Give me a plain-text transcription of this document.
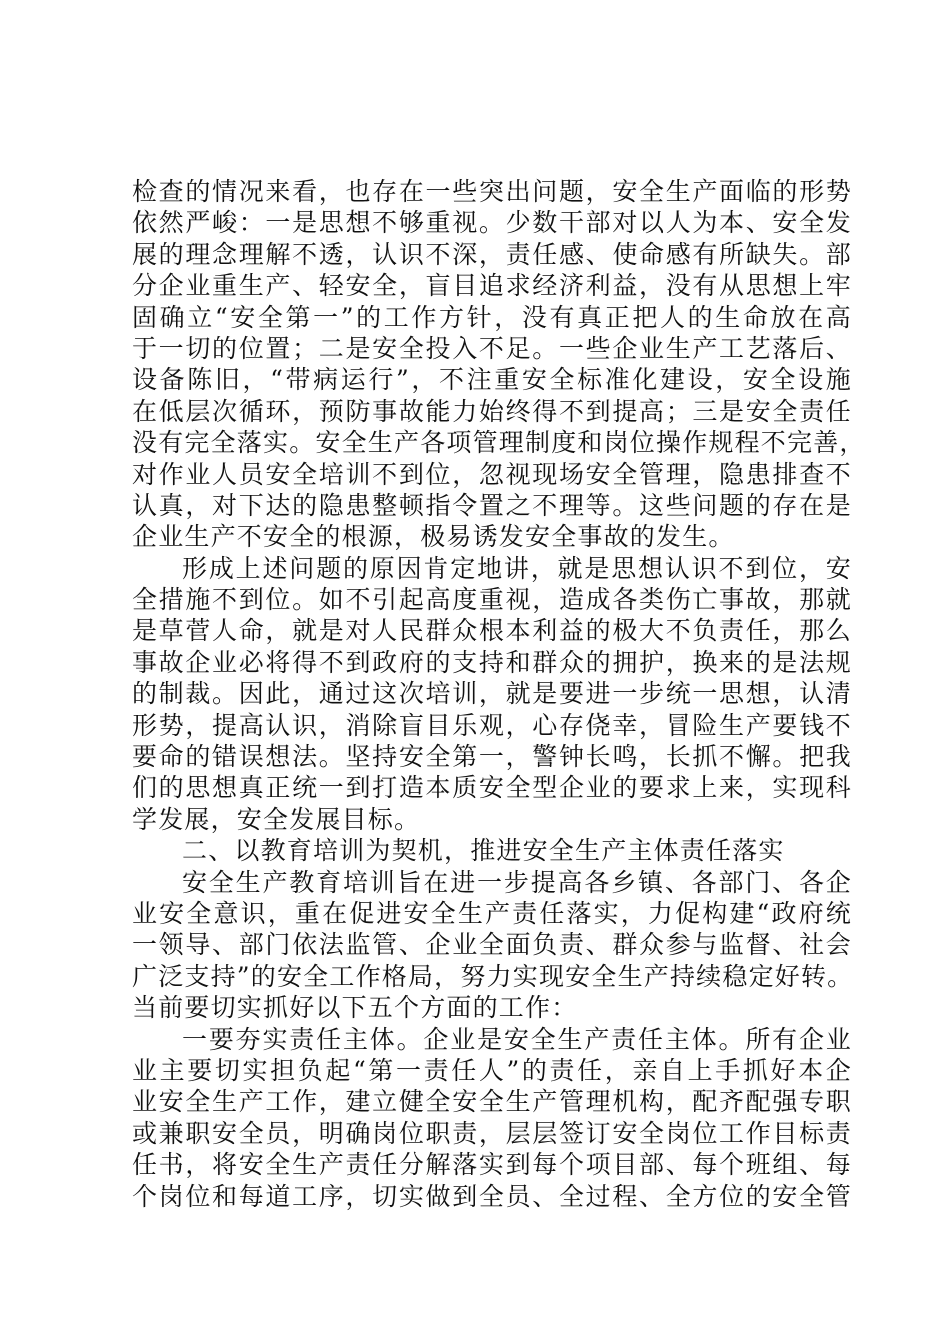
检查的情况来看，也存在一些突出问题，安全生产面临的形势
依然严峻：一是思想不够重视。少数干部对以人为本、安全发
展的理念理解不透，认识不深，责任感、使命感有所缺失。部
分企业重生产、轻安全，盲目追求经济利益，没有从思想上牢
固确立“安全第一”的工作方针，没有真正把人的生命放在高
于一切的位置；二是安全投入不足。一些企业生产工艺落后、
设备陈旧，“带病运行”，不注重安全标准化建设，安全设施
在低层次循环，预防事故能力始终得不到提高；三是安全责任
没有完全落实。安全生产各项管理制度和岗位操作规程不完善，
对作业人员安全培训不到位，忽视现场安全管理，隐患排查不
认真，对下达的隐患整顿指令置之不理等。这些问题的存在是
企业生产不安全的根源，极易诱发安全事故的发生。
形成上述问题的原因肯定地讲，就是思想认识不到位，安
全措施不到位。如不引起高度重视，造成各类伤亡事故，那就
是草菅人命，就是对人民群众根本利益的极大不负责任，那么
事故企业必将得不到政府的支持和群众的拥护，换来的是法规
的制裁。因此，通过这次培训，就是要进一步统一思想，认清
形势，提高认识，消除盲目乐观，心存侥幸，冒险生产要钱不
要命的错误想法。坚持安全第一，警钟长鸣，长抓不懈。把我
们的思想真正统一到打造本质安全型企业的要求上来，实现科
学发展，安全发展目标。
二、以教育培训为契机，推进安全生产主体责任落实
安全生产教育培训旨在进一步提高各乡镇、各部门、各企
业安全意识，重在促进安全生产责任落实，力促构建“政府统
一领导、部门依法监管、企业全面负责、群众参与监督、社会
广泛支持”的安全工作格局，努力实现安全生产持续稳定好转。
当前要切实抓好以下五个方面的工作：
一要夯实责任主体。企业是安全生产责任主体。所有企业
业主要切实担负起“第一责任人”的责任，亲自上手抓好本企
业安全生产工作，建立健全安全生产管理机构，配齐配强专职
或兼职安全员，明确岗位职责，层层签订安全岗位工作目标责
任书，将安全生产责任分解落实到每个项目部、每个班组、每
个岗位和每道工序，切实做到全员、全过程、全方位的安全管
